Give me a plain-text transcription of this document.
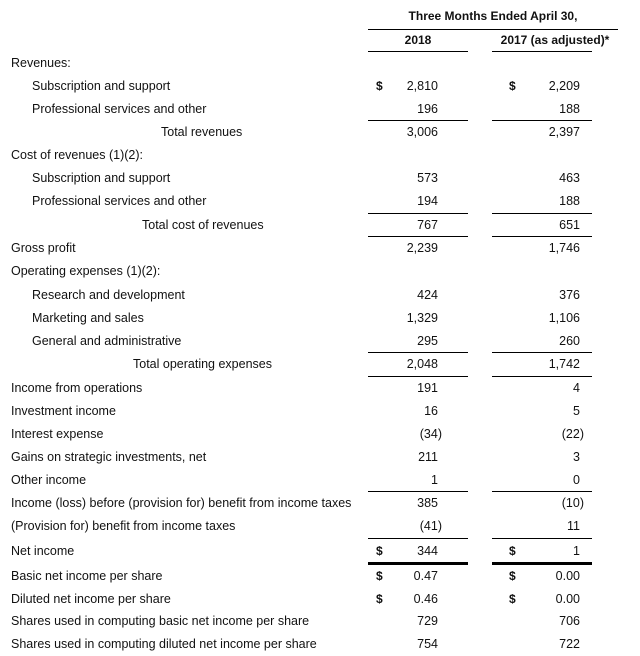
Three Months Ended April 30,
2018	2017 (as adjusted)*
Revenues:
Subscription and support	$ 2,810	$	2,209
Professional services and other	196	188
Total revenues	3,006	2,397
Cost of revenues (1)(2):
Subscription and support	573	463
Professional services and other	194	188
Total cost of revenues	767	651
Gross profit	2,239	1,746
Operating expenses (1)(2):
Research and development	424	376
Marketing and sales	1,329	1,106
General and administrative	295	260
Total operating expenses	2,048	1,742
Income from operations	191	4
Investment income	16	5
Interest expense	(34)	(22)
Gains on strategic investments, net	211	3
Other income	1	0
Income (loss) before (provision for) benefit from income taxes	385	(10)
(Provision for) benefit from income taxes	(41)	11
Net income	$	344	$	1
Basic net income per share	$ 0.47	$	0.00
Diluted net income per share	$ 0.46	$	0.00
Shares used in computing basic net income per share	729	706
Shares used in computing diluted net income per share	754	722
